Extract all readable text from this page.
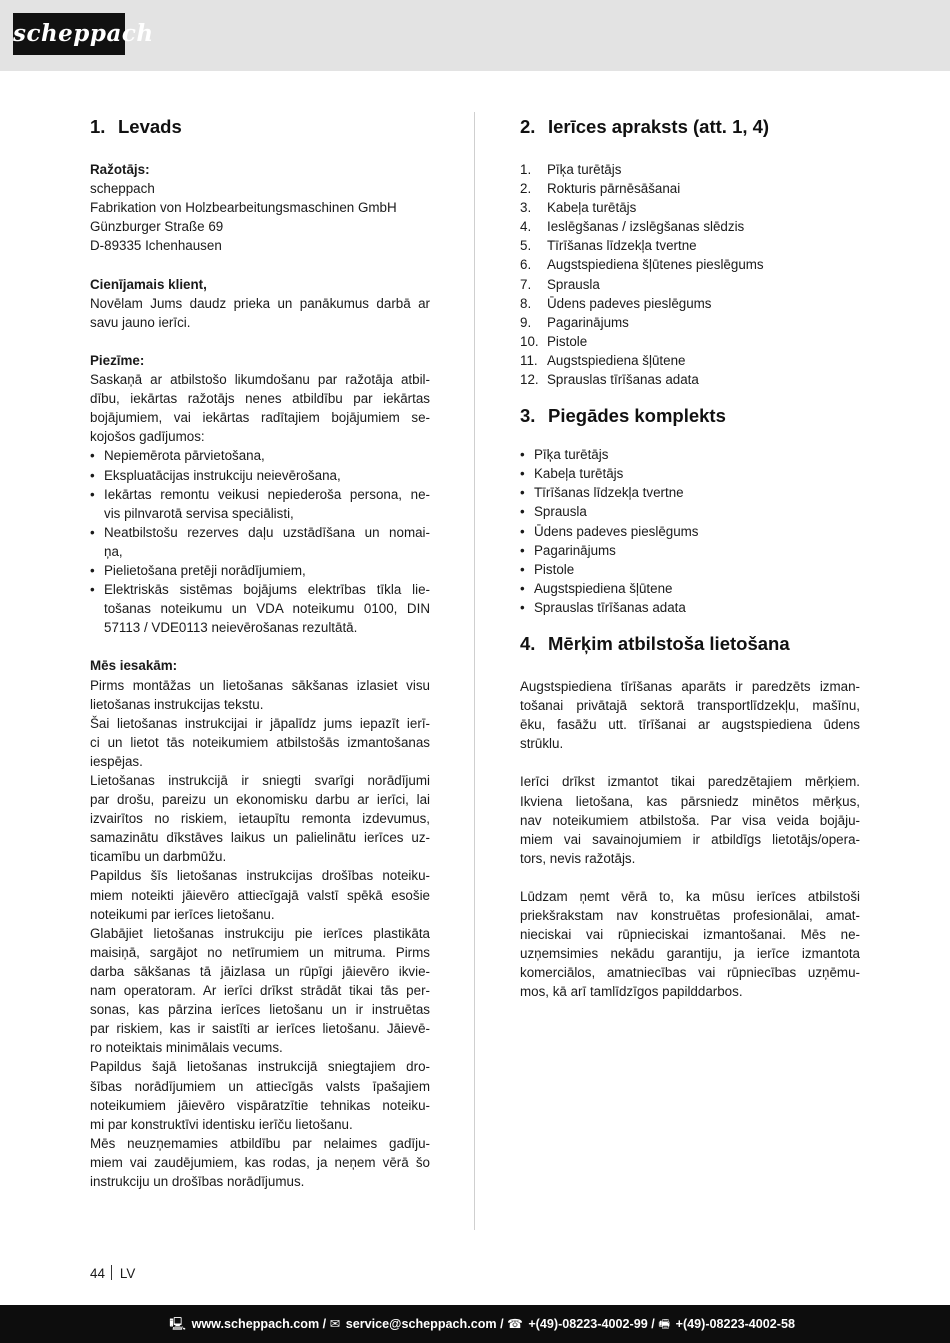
scheppach
1. Levads

Ražotājs:

scheppach
Fabrikation von Holzbearbeitungsmaschinen GmbH
Günzburger Straße 69
D-89335 Ichenhausen

Cienījamais klient,

Novēlam Jums daudz prieka un panākumus darbā ar
savu jauno ierīci.

Piezīme:

Saskaņā ar atbilstošo likumdošanu par ražotāja atbil-
dību, iekārtas ražotājs nenes atbildību par iekārtas
bojājumiem, vai iekārtas radītajiem bojājumiem se-
kojošos gadījumos:
• Nepiemērota pārvietošana,
• Ekspluatācijas instrukciju neievērošana,
• Iekārtas remontu veikusi nepiederoša persona, ne-
vis pilnvarotā servisa speciālisti,
• Neatbilstošu rezerves daļu uzstādīšana un nomai-
ņa,
• Pielietošana pretēji norādījumiem,
• Elektriskās sistēmas bojājums elektrības tīkla lie-
tošanas noteikumu un VDA noteikumu 0100, DIN
57113 / VDE0113 neievērošanas rezultātā.

Mēs iesakām:

Pirms montāžas un lietošanas sākšanas izlasiet visu
lietošanas instrukcijas tekstu.
Šai lietošanas instrukcijai ir jāpalīdz jums iepazīt ierī-
ci un lietot tās noteikumiem atbilstošās izmantošanas
iespējas.
Lietošanas instrukcijā ir sniegti svarīgi norādījumi
par drošu, pareizu un ekonomisku darbu ar ierīci, lai
izvairītos no riskiem, ietaupītu remonta izdevumus,
samazinātu dīkstāves laikus un palielinātu ierīces uz-
ticamību un darbmūžu.
Papildus šīs lietošanas instrukcijas drošības noteiku-
miem noteikti jāievēro attiecīgajā valstī spēkā esošie
noteikumi par ierīces lietošanu.
Glabājiet lietošanas instrukciju pie ierīces plastikāta
maisiņā, sargājot no netīrumiem un mitruma. Pirms
darba sākšanas tā jāizlasa un rūpīgi jāievēro ikvie-
nam operatoram. Ar ierīci drīkst strādāt tikai tās per-
sonas, kas pārzina ierīces lietošanu un ir instruētas
par riskiem, kas ir saistīti ar ierīces lietošanu. Jāievē-
ro noteiktais minimālais vecums.
Papildus šajā lietošanas instrukcijā sniegtajiem dro-
šības norādījumiem un attiecīgās valsts īpašajiem
noteikumiem jāievēro vispāratzītie tehnikas noteiku-
mi par konstruktīvi identisku ierīču lietošanu.
Mēs neuzņemamies atbildību par nelaimes gadīju-
miem vai zaudējumiem, kas rodas, ja neņem vērā šo
instrukciju un drošības norādījumus.
2. Ierīces apraksts (att. 1, 4)
1. Pīķa turētājs
2. Rokturis pārnēsāšanai
3. Kabeļa turētājs
4. Ieslēgšanas / izslēgšanas slēdzis
5. Tīrīšanas līdzekļa tvertne
6. Augstspiediena šļūtenes pieslēgums
7. Sprausla
8. Ūdens padeves pieslēgums
9. Pagarinājums
10. Pistole
11. Augstspiediena šļūtene
12. Sprauslas tīrīšanas adata
3. Piegādes komplekts
• Pīķa turētājs
• Kabeļa turētājs
• Tīrīšanas līdzekļa tvertne
• Sprausla
• Ūdens padeves pieslēgums
• Pagarinājums
• Pistole
• Augstspiediena šļūtene
• Sprauslas tīrīšanas adata
4. Mērķim atbilstoša lietošana
Augstspiediena tīrīšanas aparāts ir paredzēts izman-
tošanai privātajā sektorā transportlīdzekļu, mašīnu,
ēku, fasāžu utt. tīrīšanai ar augstspiediena ūdens
strūklu.
Ierīci drīkst izmantot tikai paredzētajiem mērķiem.
Ikviena lietošana, kas pārsniedz minētos mērķus,
nav noteikumiem atbilstoša. Par visa veida bojāju-
miem vai savainojumiem ir atbildīgs lietotājs/opera-
tors, nevis ražotājs.
Lūdzam ņemt vērā to, ka mūsu ierīces atbilstoši
priekšrakstam nav konstruētas profesionālai, amat-
nieciskai vai rūpnieciskai izmantošanai. Mēs ne-
uzņemsimies nekādu garantiju, ja ierīce izmantota
komerciālos, amatniecības vai rūpniecības uzņēmu-
mos, kā arī tamlīdzīgos papilddarbos.
44 LV
🖳 www.scheppach.com / ✉ service@scheppach.com / ☎ +(49)-08223-4002-99 / 🖷 +(49)-08223-4002-58
